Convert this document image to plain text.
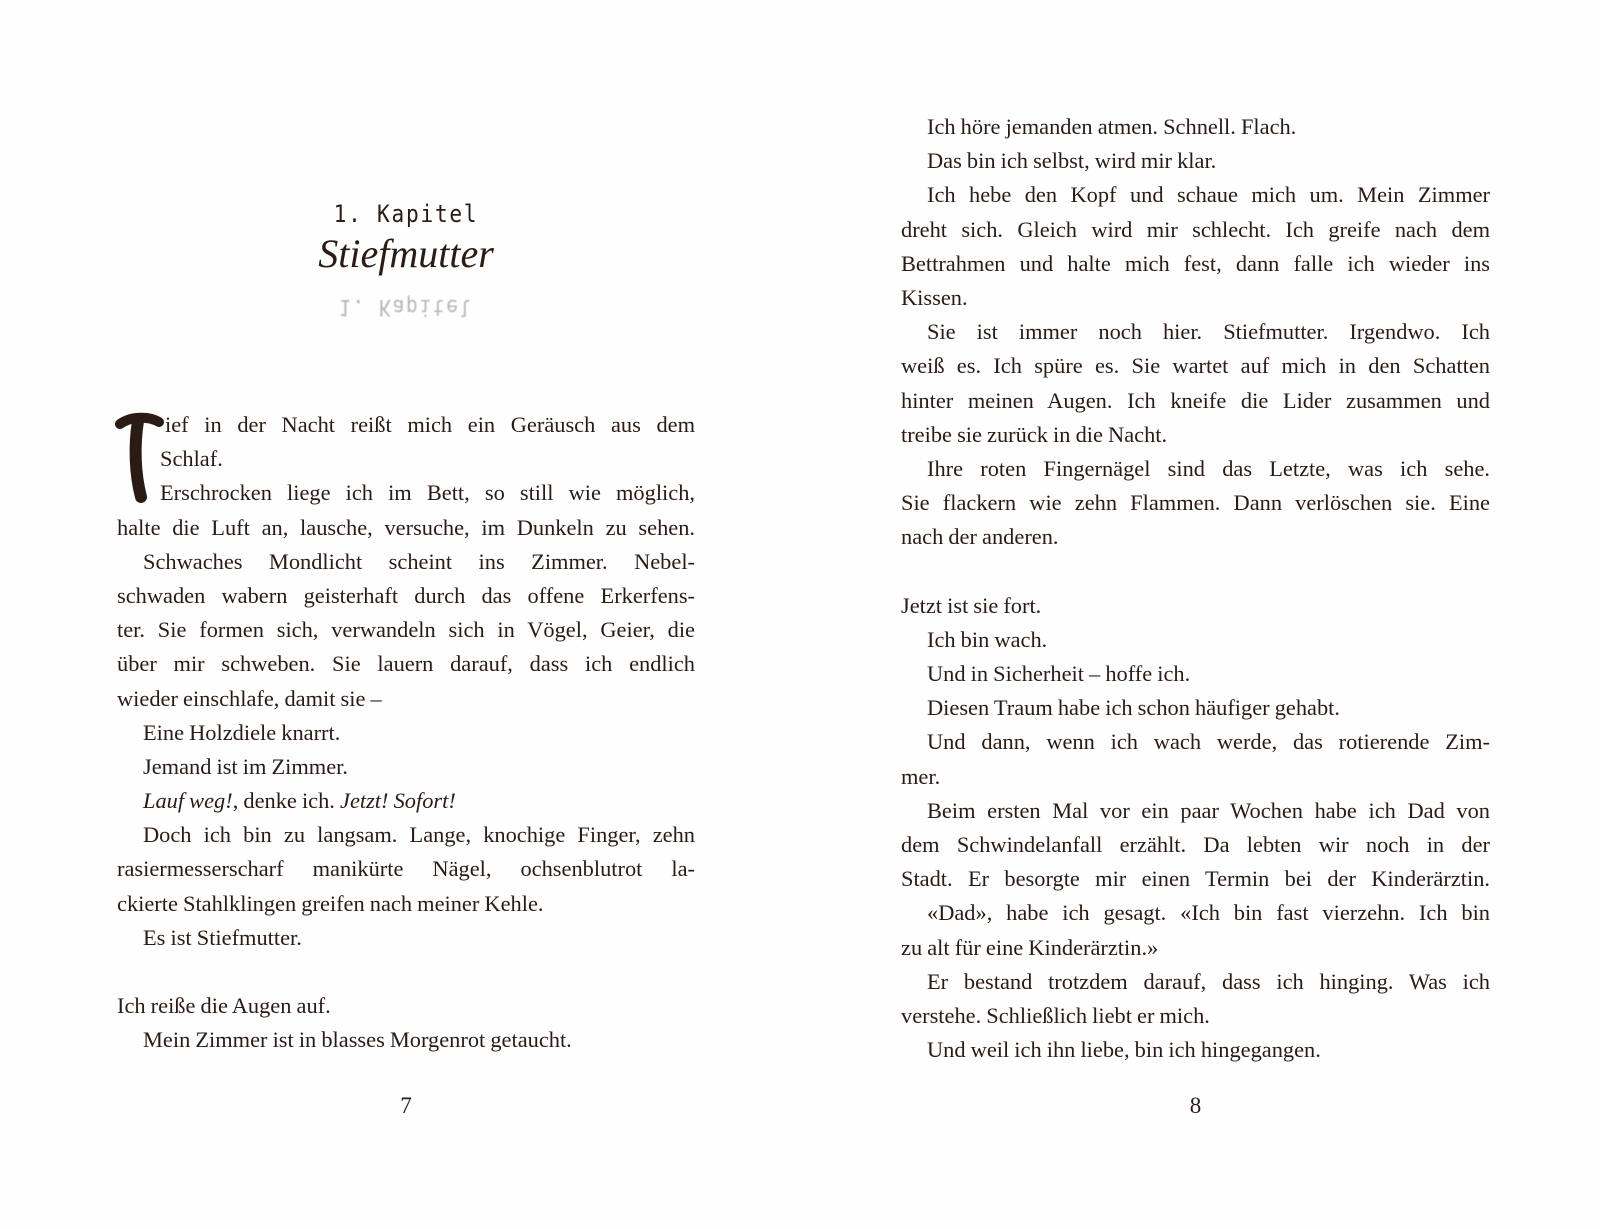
1. Kapitel
Stiefmutter
1. Kapitel
ief in der Nacht reißt mich ein Geräusch aus dem
Schlaf.
Erschrocken liege ich im Bett, so still wie möglich,
halte die Luft an, lausche, versuche, im Dunkeln zu sehen.
Schwaches Mondlicht scheint ins Zimmer. Nebel-
schwaden wabern geisterhaft durch das offene Erkerfens-
ter. Sie formen sich, verwandeln sich in Vögel, Geier, die
über mir schweben. Sie lauern darauf, dass ich endlich
wieder einschlafe, damit sie –
Eine Holzdiele knarrt.
Jemand ist im Zimmer.
Lauf weg!, denke ich. Jetzt! Sofort!
Doch ich bin zu langsam. Lange, knochige Finger, zehn
rasiermesserscharf manikürte Nägel, ochsenblutrot la-
ckierte Stahlklingen greifen nach meiner Kehle.
Es ist Stiefmutter.
Ich reiße die Augen auf.
Mein Zimmer ist in blasses Morgenrot getaucht.
7
Ich höre jemanden atmen. Schnell. Flach.
Das bin ich selbst, wird mir klar.
Ich hebe den Kopf und schaue mich um. Mein Zimmer
dreht sich. Gleich wird mir schlecht. Ich greife nach dem
Bettrahmen und halte mich fest, dann falle ich wieder ins
Kissen.
Sie ist immer noch hier. Stiefmutter. Irgendwo. Ich
weiß es. Ich spüre es. Sie wartet auf mich in den Schatten
hinter meinen Augen. Ich kneife die Lider zusammen und
treibe sie zurück in die Nacht.
Ihre roten Fingernägel sind das Letzte, was ich sehe.
Sie flackern wie zehn Flammen. Dann verlöschen sie. Eine
nach der anderen.
Jetzt ist sie fort.
Ich bin wach.
Und in Sicherheit – hoffe ich.
Diesen Traum habe ich schon häufiger gehabt.
Und dann, wenn ich wach werde, das rotierende Zim-
mer.
Beim ersten Mal vor ein paar Wochen habe ich Dad von
dem Schwindelanfall erzählt. Da lebten wir noch in der
Stadt. Er besorgte mir einen Termin bei der Kinderärztin.
«Dad», habe ich gesagt. «Ich bin fast vierzehn. Ich bin
zu alt für eine Kinderärztin.»
Er bestand trotzdem darauf, dass ich hinging. Was ich
verstehe. Schließlich liebt er mich.
Und weil ich ihn liebe, bin ich hingegangen.
8
